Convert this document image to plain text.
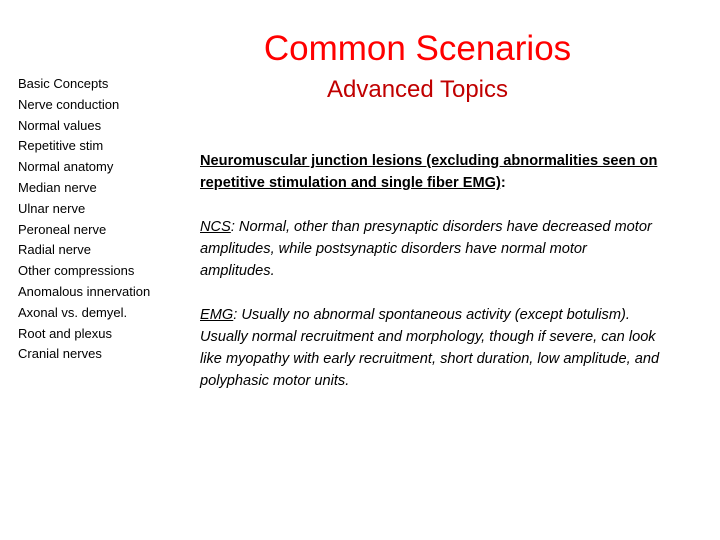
Common Scenarios
Advanced Topics
Basic Concepts
Nerve conduction
Normal values
Repetitive stim
Normal anatomy
Median nerve
Ulnar nerve
Peroneal nerve
Radial nerve
Other compressions
Anomalous innervation
Axonal vs. demyel.
Root and plexus
Cranial nerves

Neuromuscular junction lesions (excluding abnormalities seen on repetitive stimulation and single fiber EMG):

NCS: Normal, other than presynaptic disorders have decreased motor amplitudes, while postsynaptic disorders have normal motor amplitudes.

EMG: Usually no abnormal spontaneous activity (except botulism). Usually normal recruitment and morphology, though if severe, can look like myopathy with early recruitment, short duration, low amplitude, and polyphasic motor units.
